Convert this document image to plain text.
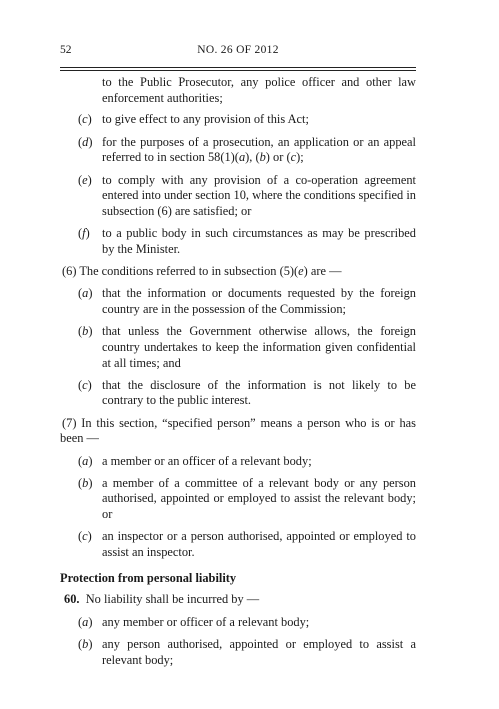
52	NO. 26 OF 2012
to the Public Prosecutor, any police officer and other law enforcement authorities;
(c) to give effect to any provision of this Act;
(d) for the purposes of a prosecution, an application or an appeal referred to in section 58(1)(a), (b) or (c);
(e) to comply with any provision of a co-operation agreement entered into under section 10, where the conditions specified in subsection (6) are satisfied; or
(f) to a public body in such circumstances as may be prescribed by the Minister.
(6) The conditions referred to in subsection (5)(e) are —
(a) that the information or documents requested by the foreign country are in the possession of the Commission;
(b) that unless the Government otherwise allows, the foreign country undertakes to keep the information given confidential at all times; and
(c) that the disclosure of the information is not likely to be contrary to the public interest.
(7) In this section, “specified person” means a person who is or has been —
(a) a member or an officer of a relevant body;
(b) a member of a committee of a relevant body or any person authorised, appointed or employed to assist the relevant body; or
(c) an inspector or a person authorised, appointed or employed to assist an inspector.
Protection from personal liability
60. No liability shall be incurred by —
(a) any member or officer of a relevant body;
(b) any person authorised, appointed or employed to assist a relevant body;
